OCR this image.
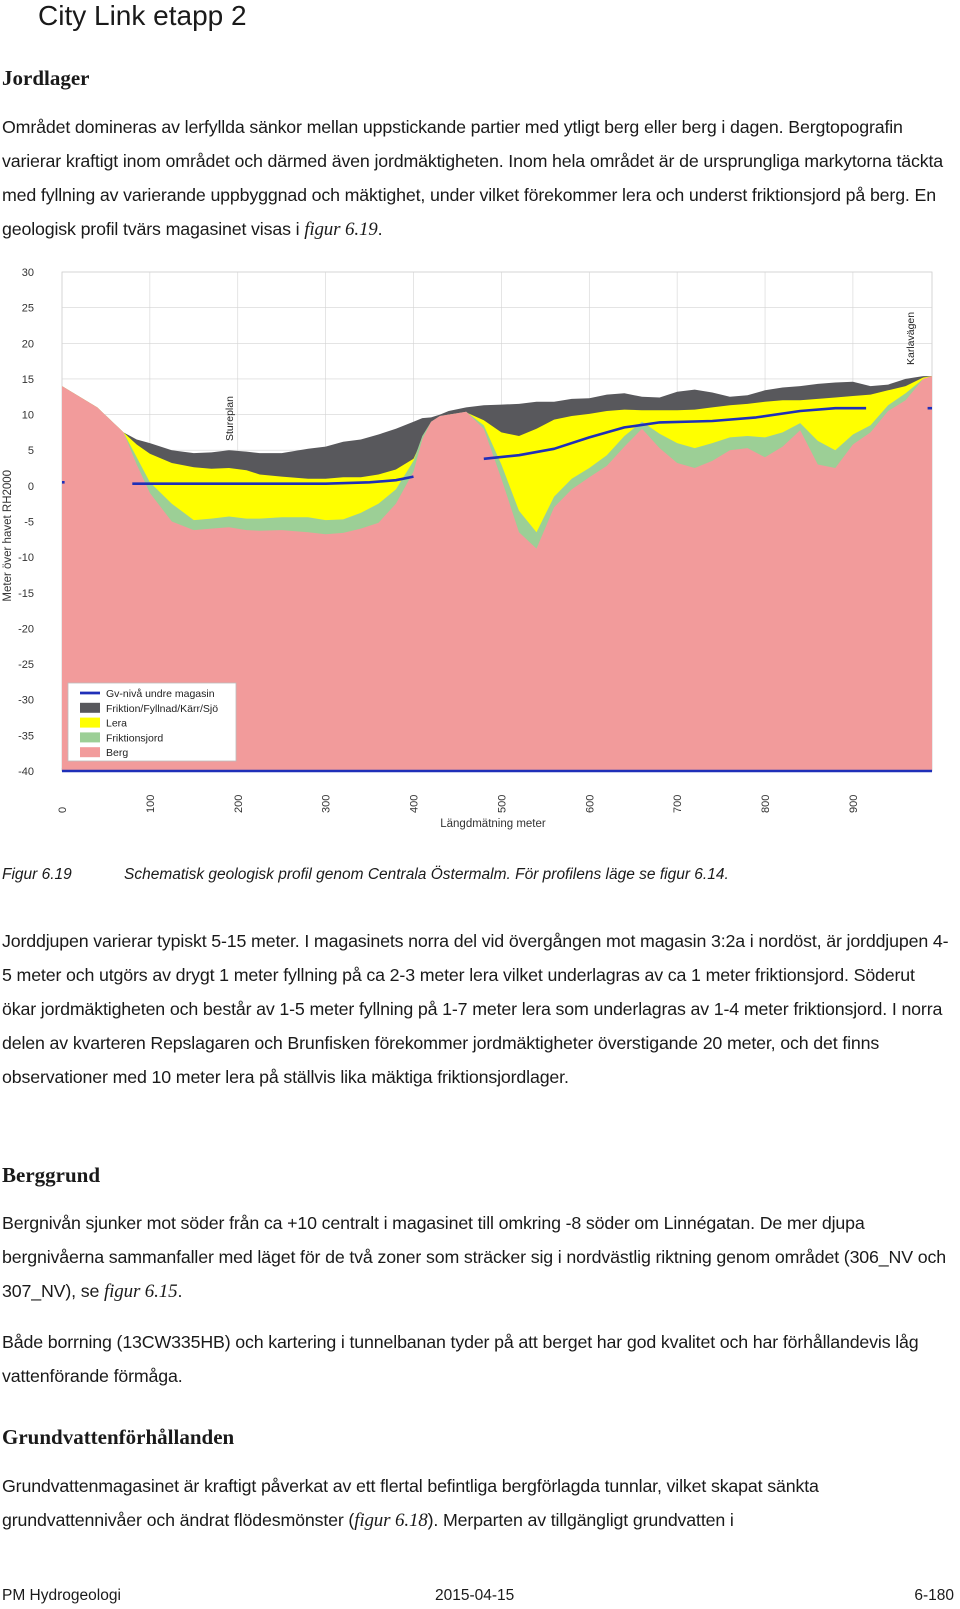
City Link etapp 2
Jordlager

Området domineras av lerfyllda sänkor mellan uppstickande partier med ytligt berg eller berg i dagen. Bergtopografin varierar kraftigt inom området och därmed även jordmäktigheten. Inom hela området är de ursprungliga markytorna täckta med fyllning av varierande uppbyggnad och mäktighet, under vilket förekommer lera och underst friktionsjord på berg. En geologisk profil tvärs magasinet visas i figur 6.19.

30
25
20
15
10
5
0
-5
-10
-15
-20
-25
-30
-35
-40
0	100	200	300	400	500	600	700	800	900
Längdmätning meter
Meter över havet RH2000
Stureplan
Karlavägen
Gv-nivå undre magasin
Friktion/Fyllnad/Kärr/Sjö
Lera
Friktionsjord
Berg
Figur 6.19	Schematisk geologisk profil genom Centrala Östermalm. För profilens läge se figur 6.14.

Jorddjupen varierar typiskt 5-15 meter. I magasinets norra del vid övergången mot magasin 3:2a i nordöst, är jorddjupen 4-5 meter och utgörs av drygt 1 meter fyllning på ca 2-3 meter lera vilket underlagras av ca 1 meter friktionsjord. Söderut ökar jordmäktigheten och består av 1-5 meter fyllning på 1-7 meter lera som underlagras av 1-4 meter friktionsjord. I norra delen av kvarteren Repslagaren och Brunfisken förekommer jordmäktigheter överstigande 20 meter, och det finns observationer med 10 meter lera på ställvis lika mäktiga friktionsjordlager.

Berggrund

Bergnivån sjunker mot söder från ca +10 centralt i magasinet till omkring -8 söder om Linnégatan. De mer djupa bergnivåerna sammanfaller med läget för de två zoner som sträcker sig i nordvästlig riktning genom området (306_NV och 307_NV), se figur 6.15.

Både borrning (13CW335HB) och kartering i tunnelbanan tyder på att berget har god kvalitet och har förhållandevis låg vattenförande förmåga.

Grundvattenförhållanden

Grundvattenmagasinet är kraftigt påverkat av ett flertal befintliga bergförlagda tunnlar, vilket skapat sänkta grundvattennivåer och ändrat flödesmönster (figur 6.18). Merparten av tillgängligt grundvatten i

PM Hydrogeologi	2015-04-15	6-180
